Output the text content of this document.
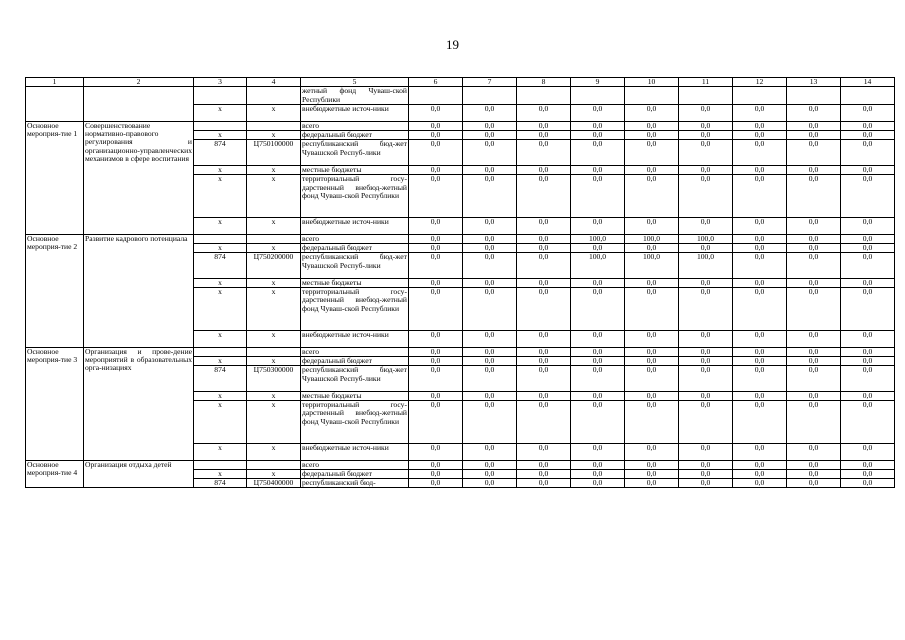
19
1	2	3	4	5	6	7	8	9	10	11	12	13	14
				жетный фонд Чуваш-ской Республики									
		x	x	внебюджетные источ-ники	0,0	0,0	0,0	0,0	0,0	0,0	0,0	0,0	0,0
Основное мероприя-тие 1	Совершенствование нормативно-правового регулирования и организационно-управленческих механизмов в сфере воспитания			всего	0,0	0,0	0,0	0,0	0,0	0,0	0,0	0,0	0,0
		x	x	федеральный бюджет	0,0	0,0	0,0	0,0	0,0	0,0	0,0	0,0	0,0
		874	Ц750100000	республиканский бюд-жет Чувашской Респуб-лики	0,0	0,0	0,0	0,0	0,0	0,0	0,0	0,0	0,0
		x	x	местные бюджеты	0,0	0,0	0,0	0,0	0,0	0,0	0,0	0,0	0,0
		x	x	территориальный госу-дарственный внебюд-жетный фонд Чуваш-ской Республики	0,0	0,0	0,0	0,0	0,0	0,0	0,0	0,0	0,0
		x	x	внебюджетные источ-ники	0,0	0,0	0,0	0,0	0,0	0,0	0,0	0,0	0,0
Основное мероприя-тие 2	Развитие кадрового потенциала			всего	0,0	0,0	0,0	100,0	100,0	100,0	0,0	0,0	0,0
		x	x	федеральный бюджет	0,0	0,0	0,0	0,0	0,0	0,0	0,0	0,0	0,0
		874	Ц750200000	республиканский бюд-жет Чувашской Респуб-лики	0,0	0,0	0,0	100,0	100,0	100,0	0,0	0,0	0,0
		x	x	местные бюджеты	0,0	0,0	0,0	0,0	0,0	0,0	0,0	0,0	0,0
		x	x	территориальный госу-дарственный внебюд-жетный фонд Чуваш-ской Республики	0,0	0,0	0,0	0,0	0,0	0,0	0,0	0,0	0,0
		x	x	внебюджетные источ-ники	0,0	0,0	0,0	0,0	0,0	0,0	0,0	0,0	0,0
Основное мероприя-тие 3	Организация и прове-дение мероприятий в образовательных орга-низациях			всего	0,0	0,0	0,0	0,0	0,0	0,0	0,0	0,0	0,0
		x	x	федеральный бюджет	0,0	0,0	0,0	0,0	0,0	0,0	0,0	0,0	0,0
		874	Ц750300000	республиканский бюд-жет Чувашской Респуб-лики	0,0	0,0	0,0	0,0	0,0	0,0	0,0	0,0	0,0
		x	x	местные бюджеты	0,0	0,0	0,0	0,0	0,0	0,0	0,0	0,0	0,0
		x	x	территориальный госу-дарственный внебюд-жетный фонд Чуваш-ской Республики	0,0	0,0	0,0	0,0	0,0	0,0	0,0	0,0	0,0
		x	x	внебюджетные источ-ники	0,0	0,0	0,0	0,0	0,0	0,0	0,0	0,0	0,0
Основное мероприя-тие 4	Организация отдыха детей			всего	0,0	0,0	0,0	0,0	0,0	0,0	0,0	0,0	0,0
		x	x	федеральный бюджет	0,0	0,0	0,0	0,0	0,0	0,0	0,0	0,0	0,0
		874	Ц750400000	республиканский бюд-	0,0	0,0	0,0	0,0	0,0	0,0	0,0	0,0	0,0
